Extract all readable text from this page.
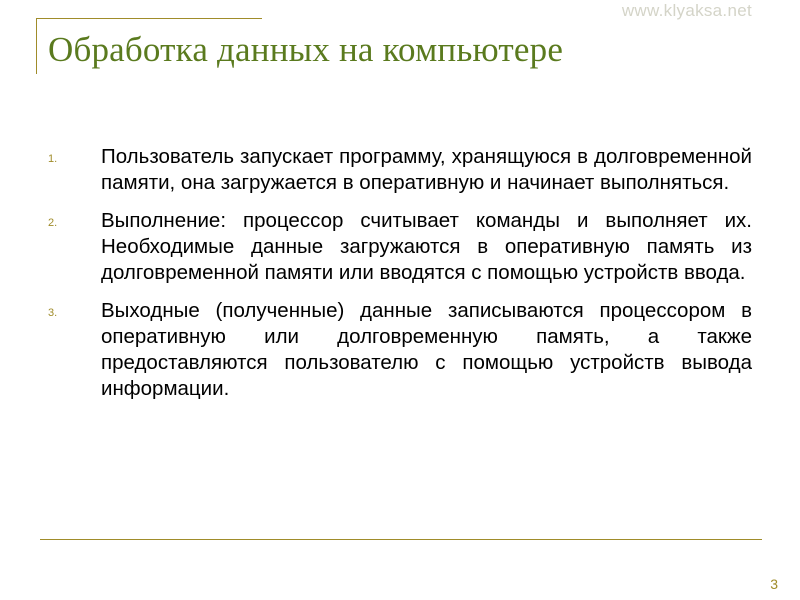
www.klyaksa.net
Обработка данных на компьютере
1. Пользователь запускает программу, хранящуюся в долговременной памяти, она загружается в оперативную и начинает выполняться.
2. Выполнение: процессор считывает команды и выполняет их. Необходимые данные загружаются в оперативную память из долговременной памяти или вводятся с помощью устройств ввода.
3. Выходные (полученные) данные записываются процессором в оперативную или долговременную память, а также предоставляются пользователю с помощью устройств вывода информации.
3
